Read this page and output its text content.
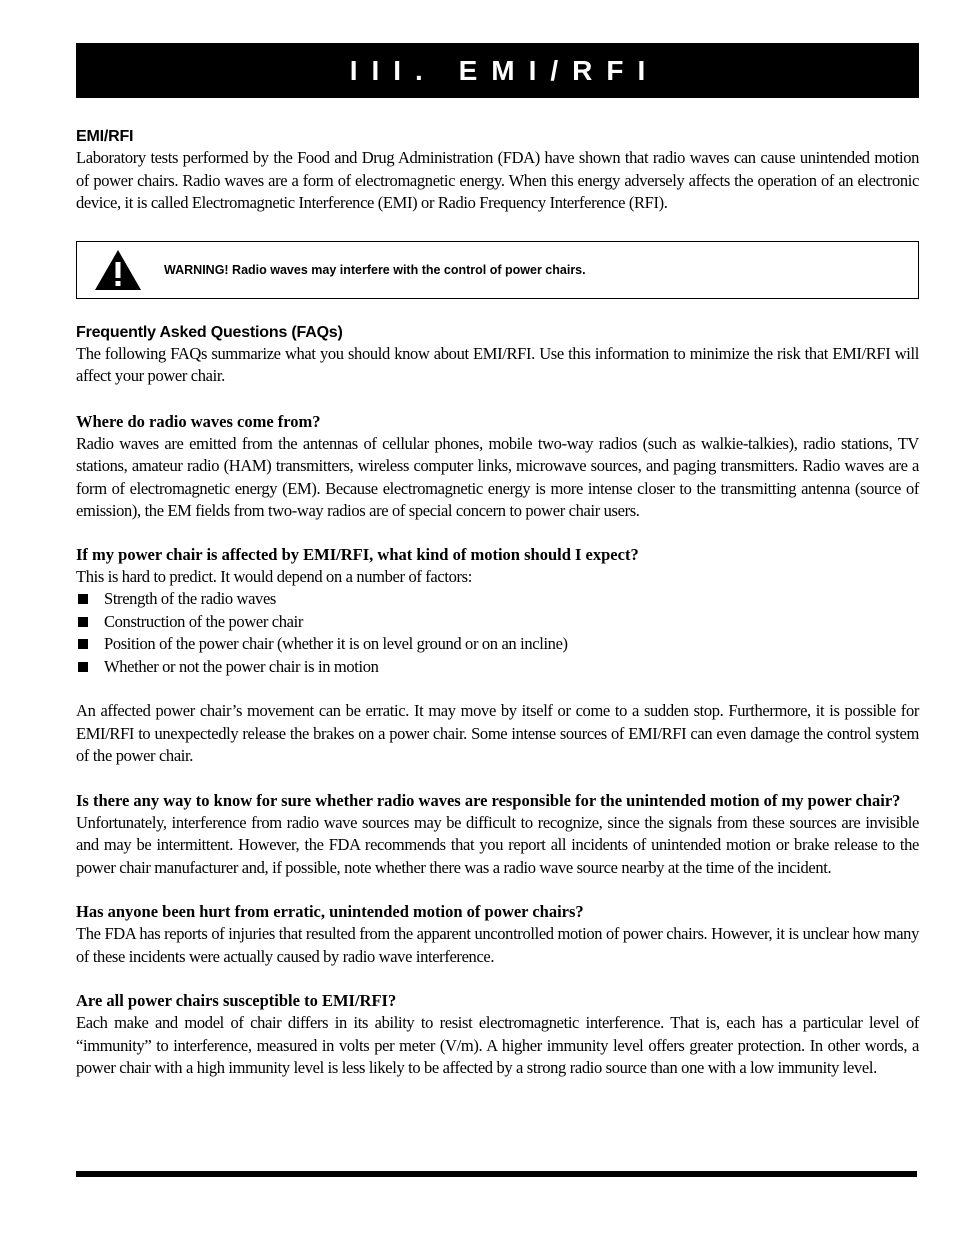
III. EMI/RFI
EMI/RFI

Laboratory tests performed by the Food and Drug Administration (FDA) have shown that radio waves can cause unintended motion of power chairs. Radio waves are a form of electromagnetic energy. When this energy adversely affects the operation of an electronic device, it is called Electromagnetic Interference (EMI) or Radio Frequency Interference (RFI).

WARNING! Radio waves may interfere with the control of power chairs.
Frequently Asked Questions (FAQs)

The following FAQs summarize what you should know about EMI/RFI. Use this information to minimize the risk that EMI/RFI will affect your power chair.

Where do radio waves come from?

Radio waves are emitted from the antennas of cellular phones, mobile two-way radios (such as walkie-talkies), radio stations, TV stations, amateur radio (HAM) transmitters, wireless computer links, microwave sources, and paging transmitters. Radio waves are a form of electromagnetic energy (EM). Because electromagnetic energy is more intense closer to the transmitting antenna (source of emission), the EM fields from two-way radios are of special concern to power chair users.

If my power chair is affected by EMI/RFI, what kind of motion should I expect?

This is hard to predict. It would depend on a number of factors:

Strength of the radio waves
Construction of the power chair
Position of the power chair (whether it is on level ground or on an incline)
Whether or not the power chair is in motion

An affected power chair’s movement can be erratic. It may move by itself or come to a sudden stop. Furthermore, it is possible for EMI/RFI to unexpectedly release the brakes on a power chair. Some intense sources of EMI/RFI can even damage the control system of the power chair.

Is there any way to know for sure whether radio waves are responsible for the unintended motion of my power chair?

Unfortunately, interference from radio wave sources may be difficult to recognize, since the signals from these sources are invisible and may be intermittent. However, the FDA recommends that you report all incidents of unintended motion or brake release to the power chair manufacturer and, if possible, note whether there was a radio wave source nearby at the time of the incident.

Has anyone been hurt from erratic, unintended motion of power chairs?

The FDA has reports of injuries that resulted from the apparent uncontrolled motion of power chairs. However, it is unclear how many of these incidents were actually caused by radio wave interference.

Are all power chairs susceptible to EMI/RFI?

Each make and model of chair differs in its ability to resist electromagnetic interference. That is, each has a particular level of “immunity” to interference, measured in volts per meter (V/m). A higher immunity level offers greater protection. In other words, a power chair with a high immunity level is less likely to be affected by a strong radio source than one with a low immunity level.
